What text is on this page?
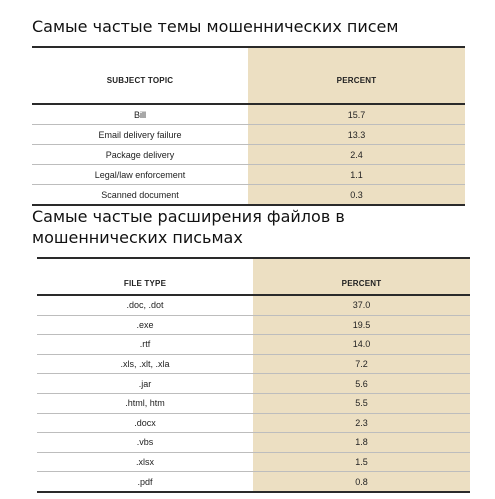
Самые частые темы мошеннических писем
SUBJECT TOPIC	PERCENT
Bill	15.7
Email delivery failure	13.3
Package delivery	2.4
Legal/law enforcement	1.1
Scanned document	0.3
Самые частые расширения файлов в мошеннических письмах
FILE TYPE	PERCENT
.doc, .dot	37.0
.exe	19.5
.rtf	14.0
.xls, .xlt, .xla	7.2
.jar	5.6
.html, htm	5.5
.docx	2.3
.vbs	1.8
.xlsx	1.5
.pdf	0.8
